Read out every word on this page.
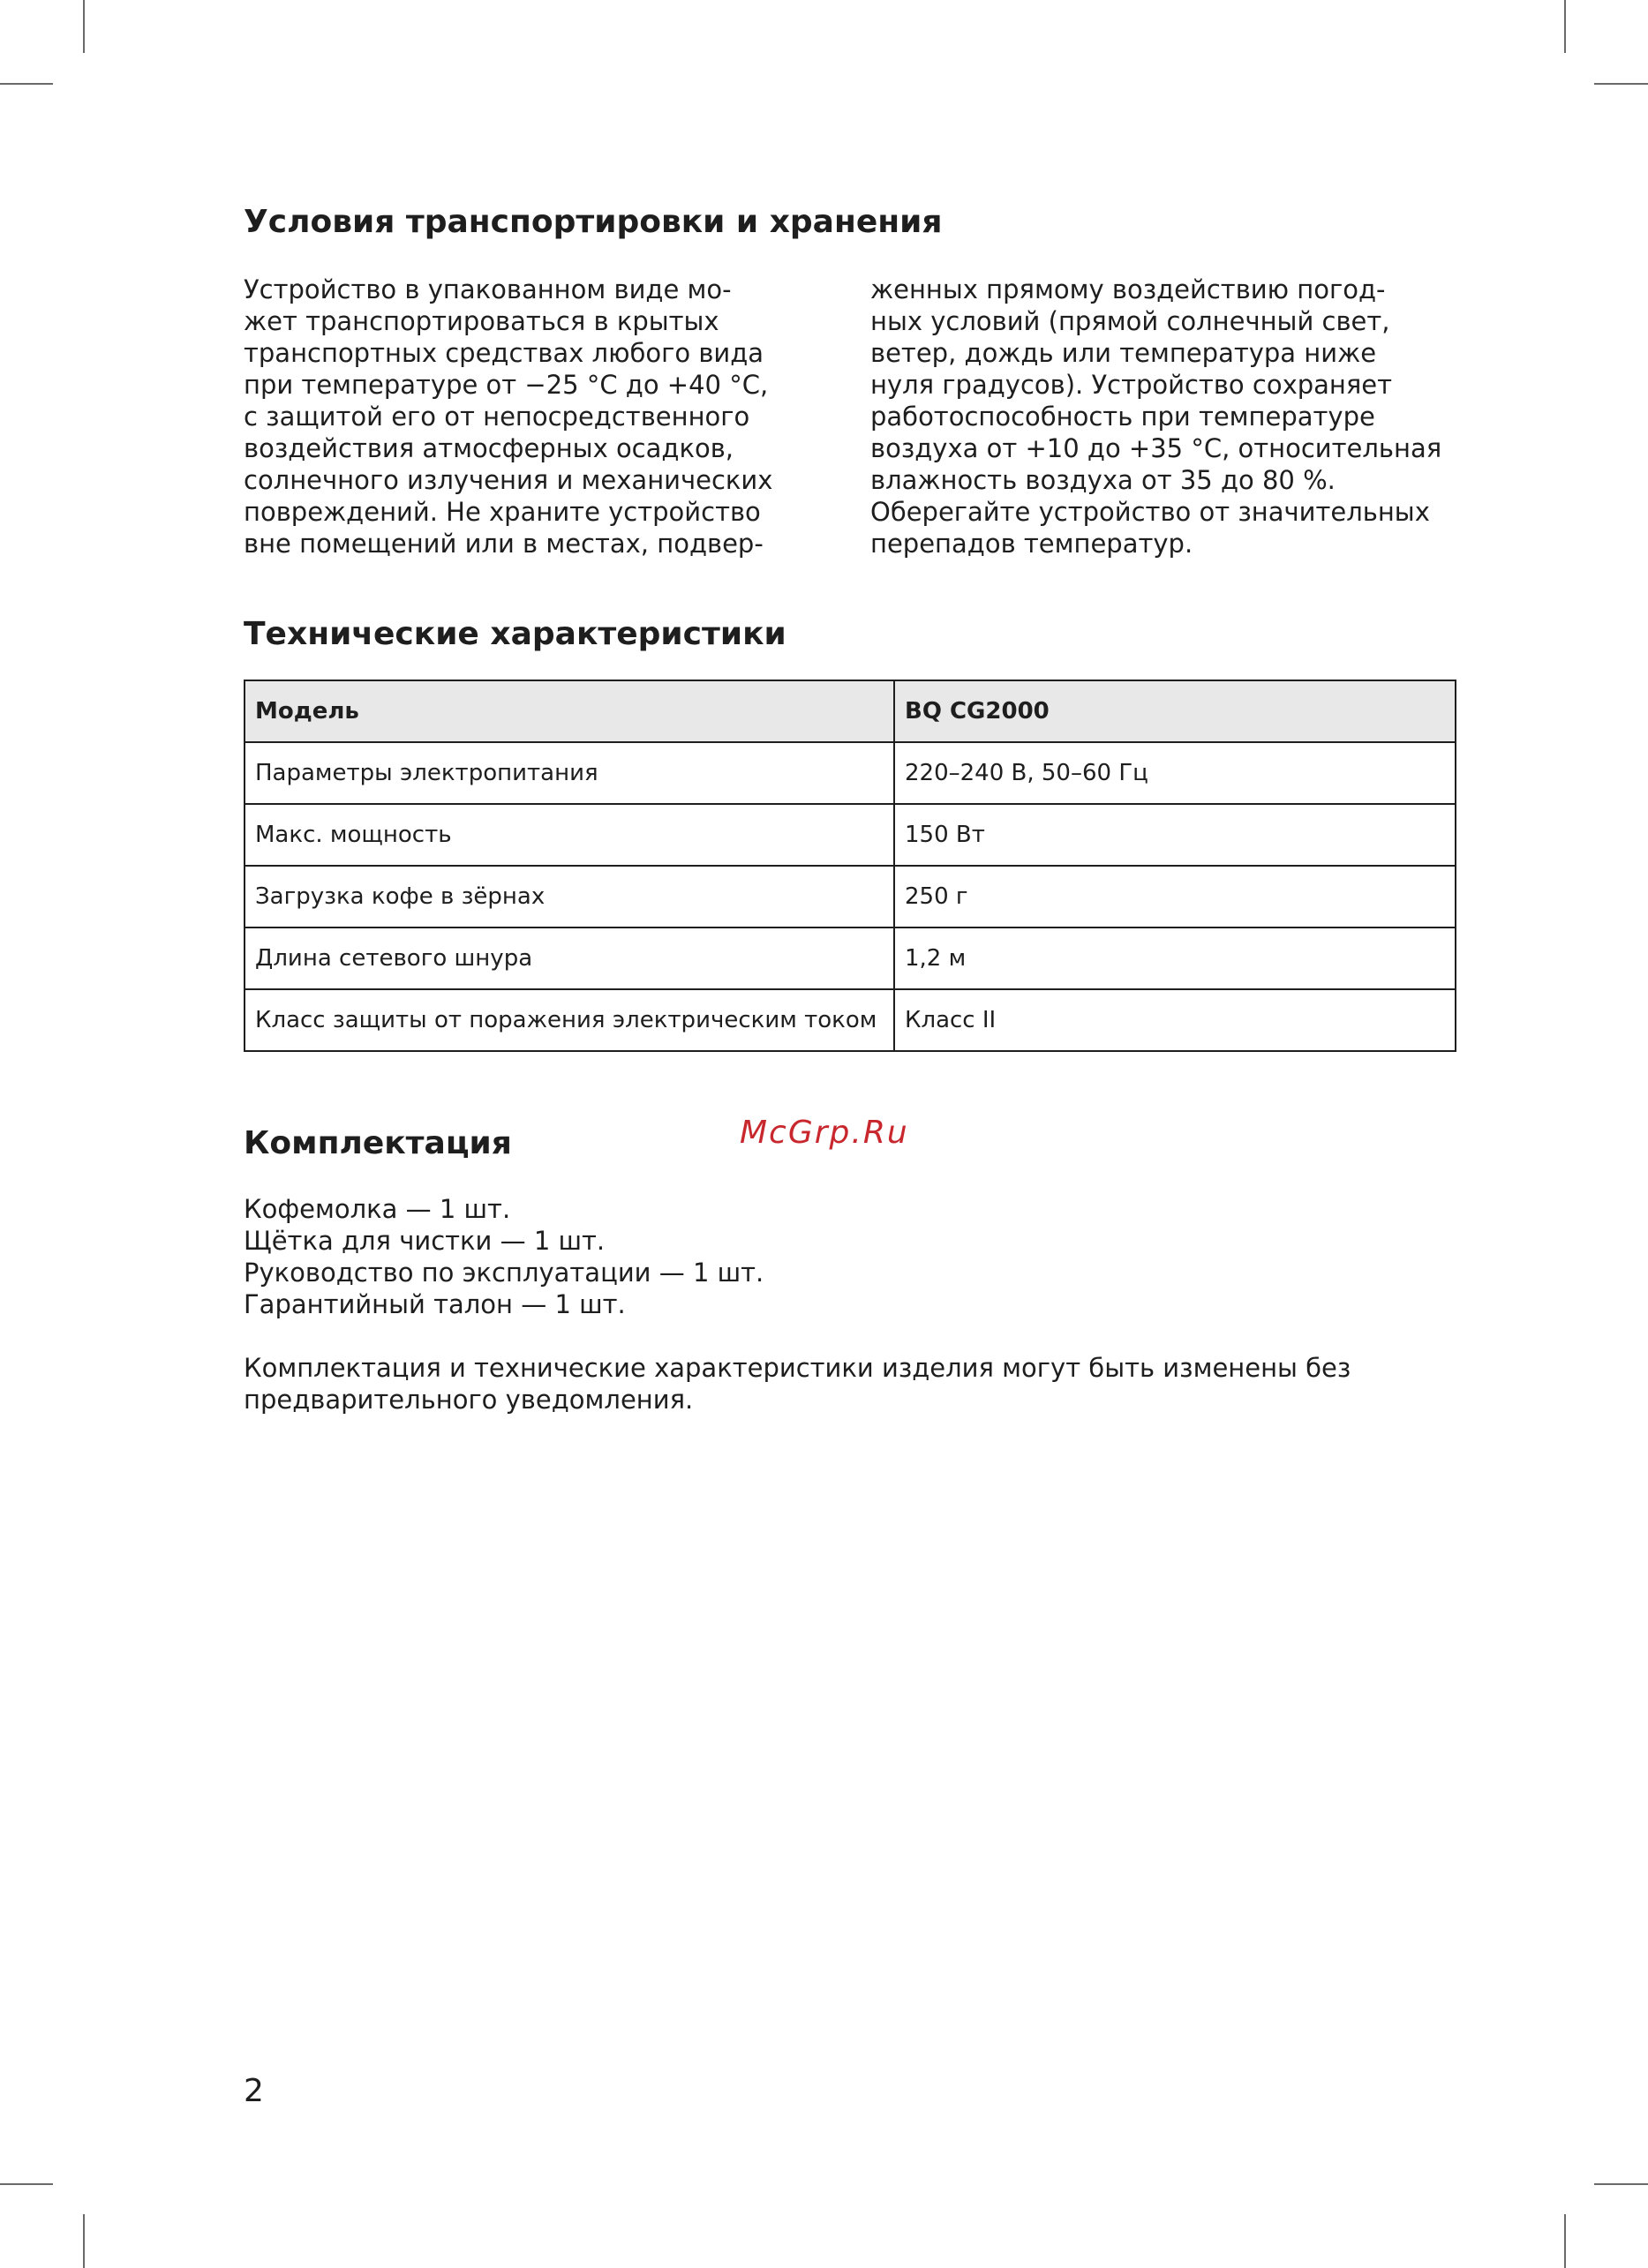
Условия транспортировки и хранения
Устройство в упакованном виде мо-
жет транспортироваться в крытых
транспортных средствах любого вида
при температуре от −25 °C до +40 °C,
с защитой его от непосредственного
воздействия атмосферных осадков,
солнечного излучения и механических
повреждений. Не храните устройство
вне помещений или в местах, подвер-
женных прямому воздействию погод-
ных условий (прямой солнечный свет,
ветер, дождь или температура ниже
нуля градусов). Устройство сохраняет
работоспособность при температуре
воздуха от +10 до +35 °C, относительная
влажность воздуха от 35 до 80 %.
Оберегайте устройство от значительных
перепадов температур.
Технические характеристики
Модель	BQ CG2000
Параметры электропитания	220–240 В, 50–60 Гц
Макс. мощность	150 Вт
Загрузка кофе в зёрнах	250 г
Длина сетевого шнура	1,2 м
Класс защиты от поражения электрическим током	Класс II
Комплектация
Кофемолка — 1 шт.
Щётка для чистки — 1 шт.
Руководство по эксплуатации — 1 шт.
Гарантийный талон — 1 шт.
Комплектация и технические характеристики изделия могут быть изменены без
предварительного уведомления.
McGrp.Ru
2
